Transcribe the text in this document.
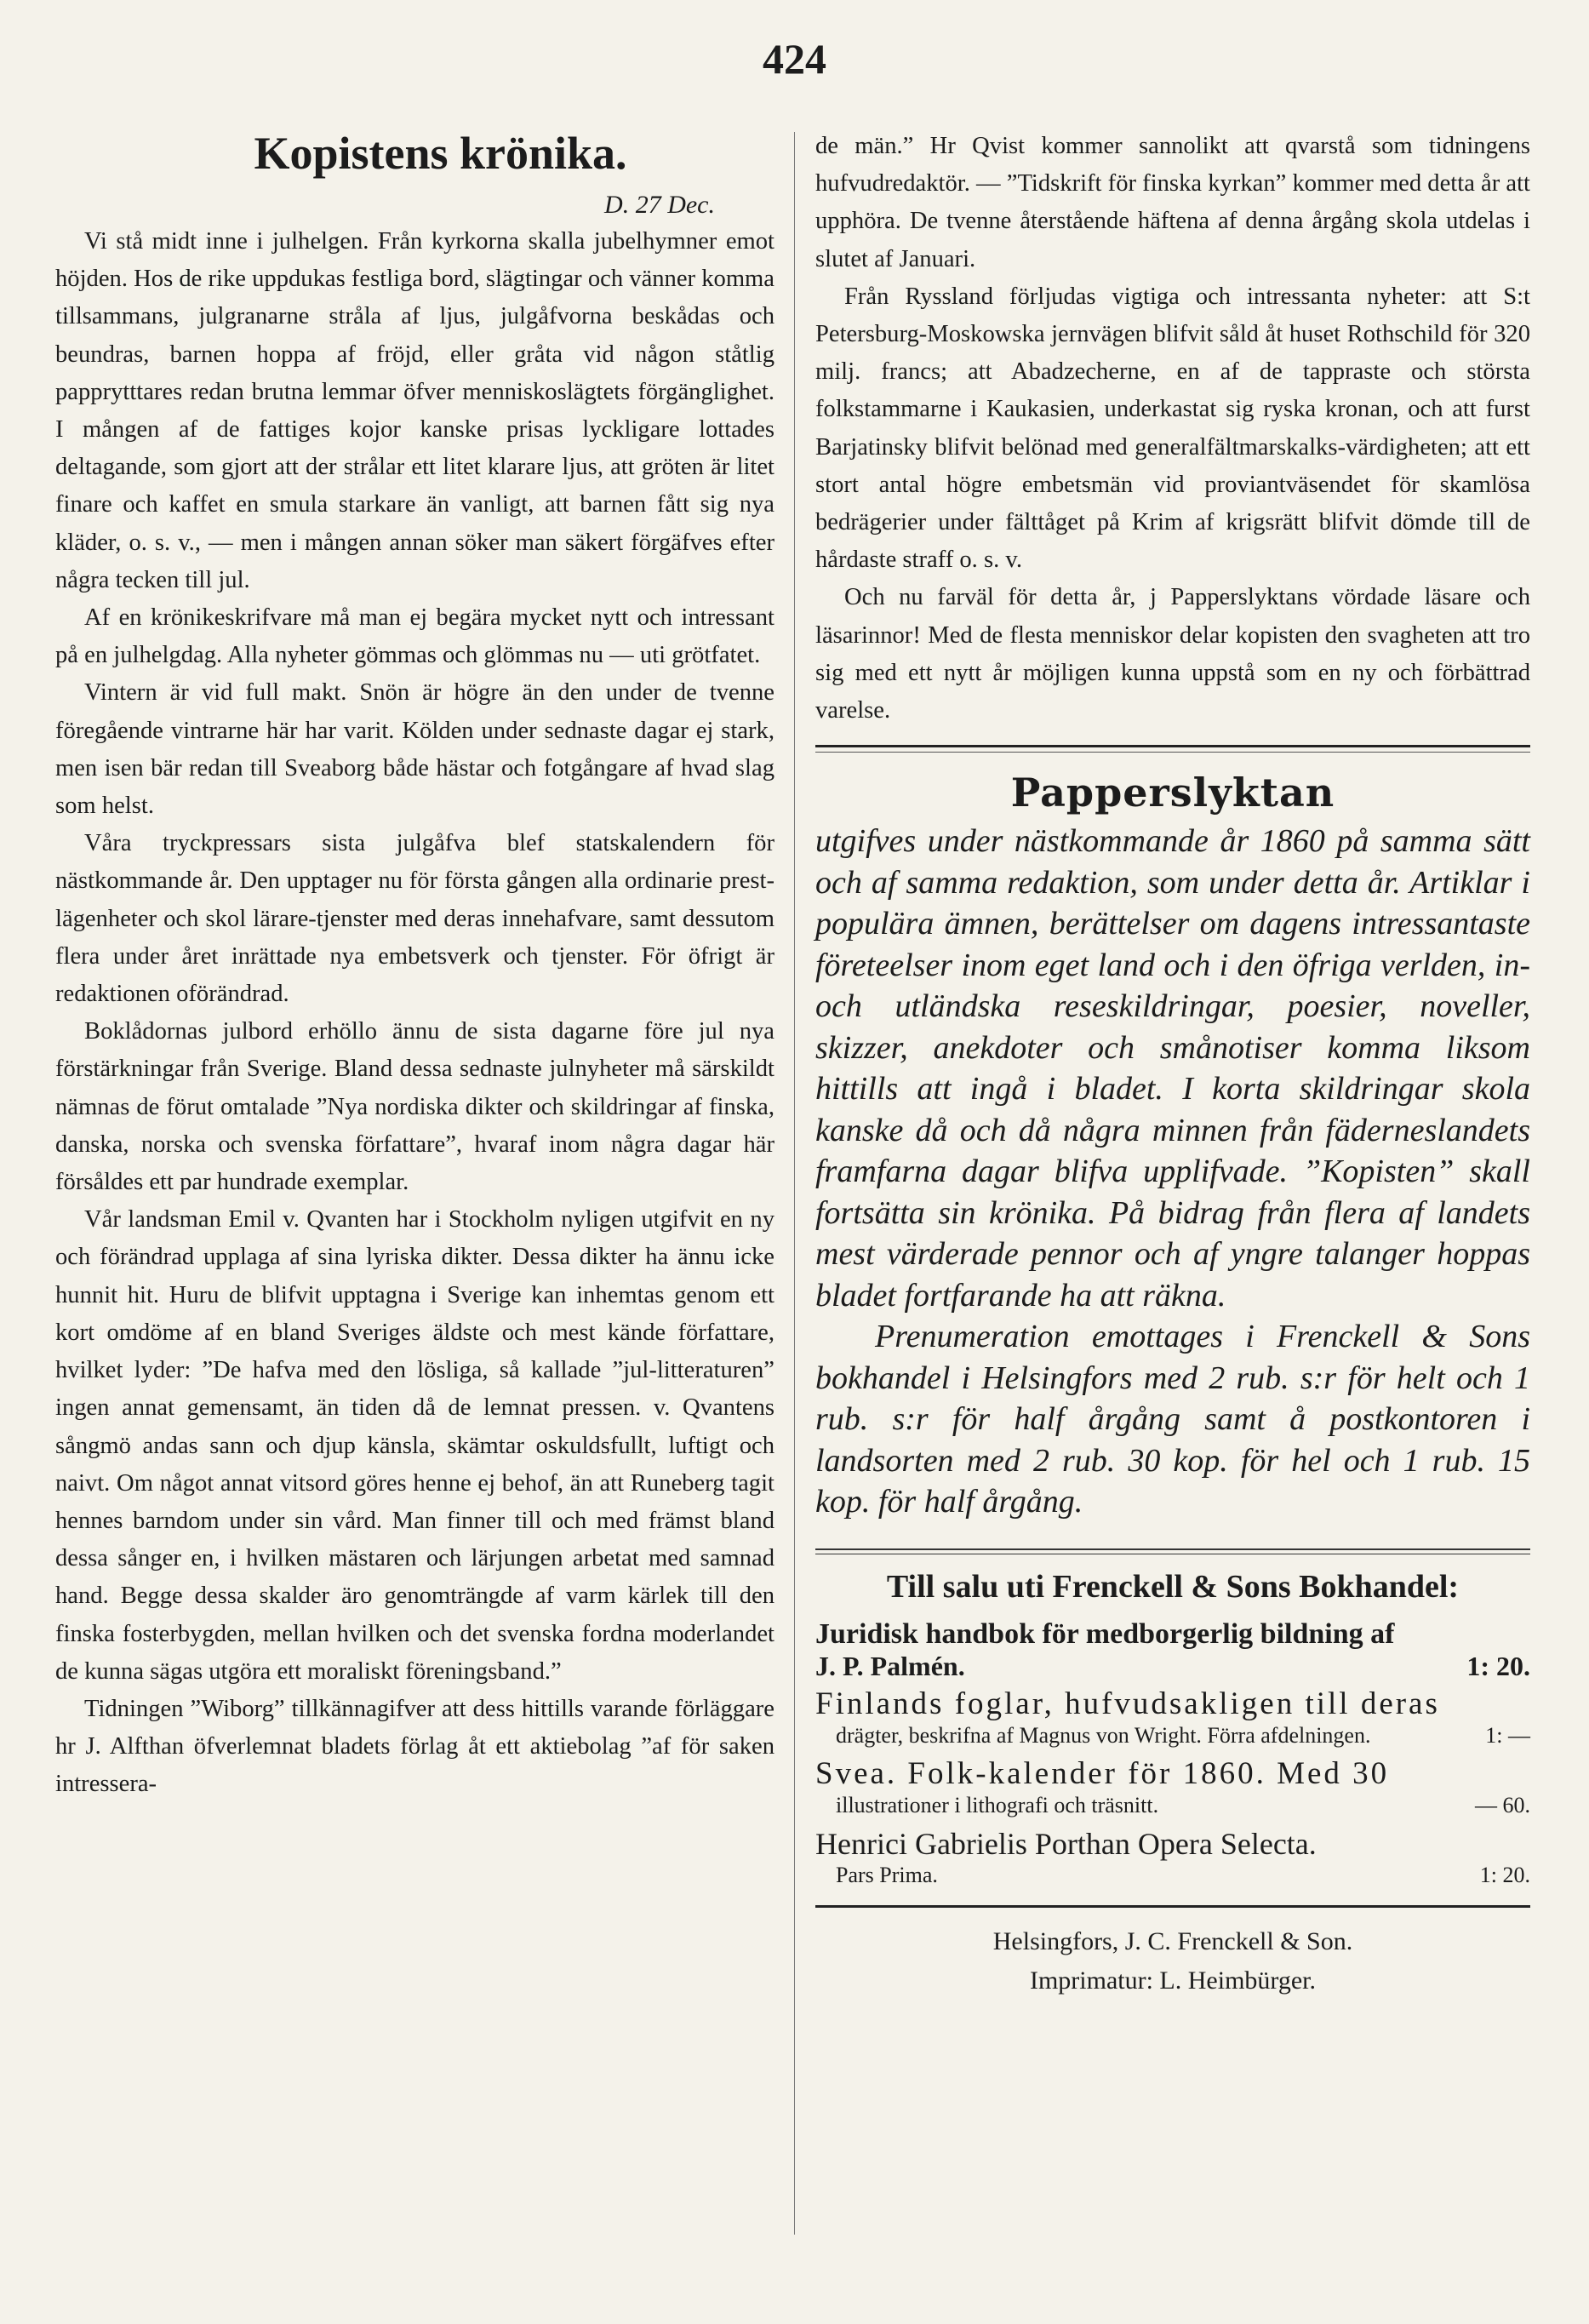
424
Kopistens krönika.
D. 27 Dec.

Vi stå midt inne i julhelgen. Från kyrkorna skalla jubelhymner emot höjden. Hos de rike uppdukas festliga bord, slägtingar och vänner komma tillsammans, julgranarne stråla af ljus, julgåfvorna beskådas och beundras, barnen hoppa af fröjd, eller gråta vid någon ståtlig papprytttares redan brutna lemmar öfver menniskoslägtets förgänglighet. I mången af de fattiges kojor kanske prisas lyckligare lottades deltagande, som gjort att der strålar ett litet klarare ljus, att gröten är litet finare och kaffet en smula starkare än vanligt, att barnen fått sig nya kläder, o. s. v., — men i mången annan söker man säkert förgäfves efter några tecken till jul.

Af en krönikeskrifvare må man ej begära mycket nytt och intressant på en julhelgdag. Alla nyheter gömmas och glömmas nu — uti grötfatet.

Vintern är vid full makt. Snön är högre än den under de tvenne föregående vintrarne här har varit. Kölden under sednaste dagar ej stark, men isen bär redan till Sveaborg både hästar och fotgångare af hvad slag som helst.

Våra tryckpressars sista julgåfva blef statskalendern för nästkommande år. Den upptager nu för första gången alla ordinarie prest-lägenheter och skol lärare-tjenster med deras innehafvare, samt dessutom flera under året inrättade nya embetsverk och tjenster. För öfrigt är redaktionen oförändrad.

Boklådornas julbord erhöllo ännu de sista dagarne före jul nya förstärkningar från Sverige. Bland dessa sednaste julnyheter må särskildt nämnas de förut omtalade ”Nya nordiska dikter och skildringar af finska, danska, norska och svenska författare”, hvaraf inom några dagar här försåldes ett par hundrade exemplar.

Vår landsman Emil v. Qvanten har i Stockholm nyligen utgifvit en ny och förändrad upplaga af sina lyriska dikter. Dessa dikter ha ännu icke hunnit hit. Huru de blifvit upptagna i Sverige kan inhemtas genom ett kort omdöme af en bland Sveriges äldste och mest kände författare, hvilket lyder: ”De hafva med den lösliga, så kallade ”jul-litteraturen” ingen annat gemensamt, än tiden då de lemnat pressen. v. Qvantens sångmö andas sann och djup känsla, skämtar oskuldsfullt, luftigt och naivt. Om något annat vitsord göres henne ej behof, än att Runeberg tagit hennes barndom under sin vård. Man finner till och med främst bland dessa sånger en, i hvilken mästaren och lärjungen arbetat med samnad hand. Begge dessa skalder äro genomträngde af varm kärlek till den finska fosterbygden, mellan hvilken och det svenska fordna moderlandet de kunna sägas utgöra ett moraliskt föreningsband.”

Tidningen ”Wiborg” tillkännagifver att dess hittills varande förläggare hr J. Alfthan öfverlemnat bladets förlag åt ett aktiebolag ”af för saken intressera-

de män.” Hr Qvist kommer sannolikt att qvarstå som tidningens hufvudredaktör. — ”Tidskrift för finska kyrkan” kommer med detta år att upphöra. De tvenne återstående häftena af denna årgång skola utdelas i slutet af Januari.

Från Ryssland förljudas vigtiga och intressanta nyheter: att S:t Petersburg-Moskowska jernvägen blifvit såld åt huset Rothschild för 320 milj. francs; att Abadzecherne, en af de tappraste och största folkstammarne i Kaukasien, underkastat sig ryska kronan, och att furst Barjatinsky blifvit belönad med generalfältmarskalks-värdigheten; att ett stort antal högre embetsmän vid proviantväsendet för skamlösa bedrägerier under fälttåget på Krim af krigsrätt blifvit dömde till de hårdaste straff o. s. v.

Och nu farväl för detta år, j Papperslyktans vördade läsare och läsarinnor! Med de flesta menniskor delar kopisten den svagheten att tro sig med ett nytt år möjligen kunna uppstå som en ny och förbättrad varelse.

Papperslyktan

utgifves under nästkommande år 1860 på samma sätt och af samma redaktion, som under detta år. Artiklar i populära ämnen, berättelser om dagens intressantaste företeelser inom eget land och i den öfriga verlden, in- och utländska reseskildringar, poesier, noveller, skizzer, anekdoter och smånotiser komma liksom hittills att ingå i bladet. I korta skildringar skola kanske då och då några minnen från fäderneslandets framfarna dagar blifva upplifvade. ”Kopisten” skall fortsätta sin krönika. På bidrag från flera af landets mest värderade pennor och af yngre talanger hoppas bladet fortfarande ha att räkna.

Prenumeration emottages i Frenckell & Sons bokhandel i Helsingfors med 2 rub. s:r för helt och 1 rub. s:r för half årgång samt å postkontoren i landsorten med 2 rub. 30 kop. för hel och 1 rub. 15 kop. för half årgång.

Till salu uti Frenckell & Sons Bokhandel:
Juridisk handbok för medborgerlig bildning af
J. P. Palmén.	1: 20.
Finlands foglar, hufvudsakligen till deras
drägter, beskrifna af Magnus von Wright. Förra afdelningen.	1: —
Svea. Folk-kalender för 1860. Med 30
illustrationer i lithografi och träsnitt.	— 60.
Henrici Gabrielis Porthan Opera Selecta.
Pars Prima.	1: 20.
Helsingfors, J. C. Frenckell & Son.
Imprimatur: L. Heimbürger.
